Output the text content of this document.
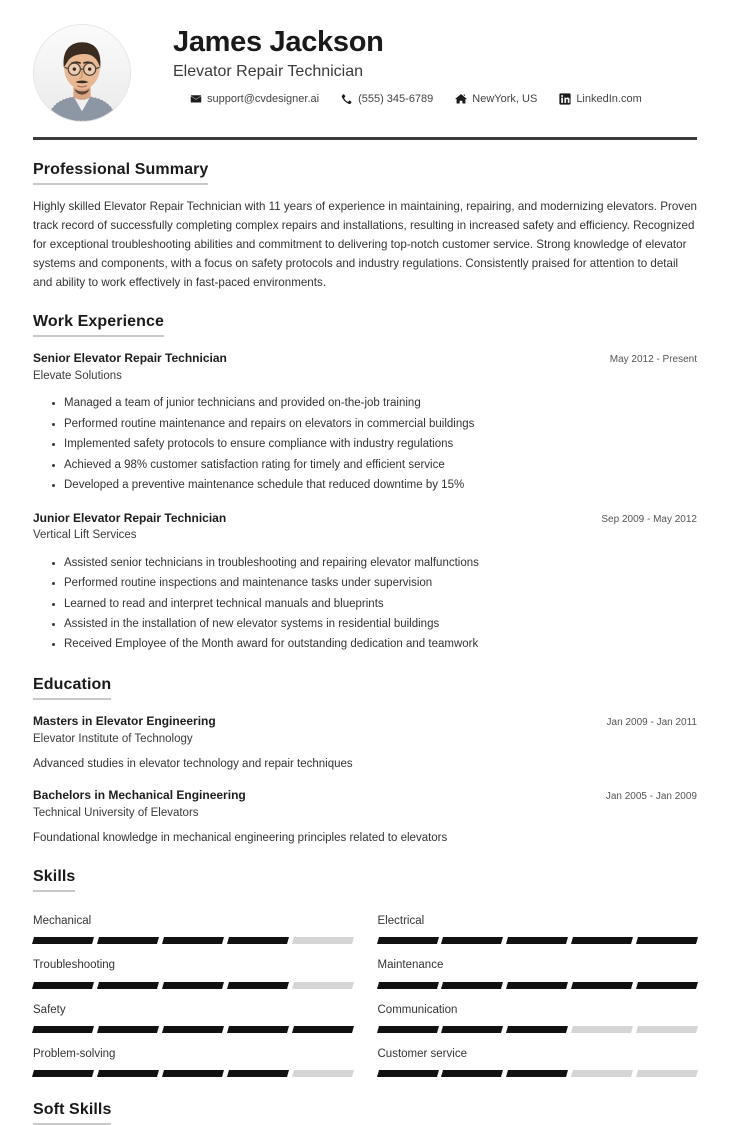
James Jackson
Elevator Repair Technician
support@cvdesigner.ai	(555) 345-6789	NewYork, US	LinkedIn.com
Professional Summary

Highly skilled Elevator Repair Technician with 11 years of experience in maintaining, repairing, and modernizing elevators. Proven track record of successfully completing complex repairs and installations, resulting in increased safety and efficiency. Recognized for exceptional troubleshooting abilities and commitment to delivering top-notch customer service. Strong knowledge of elevator systems and components, with a focus on safety protocols and industry regulations. Consistently praised for attention to detail and ability to work effectively in fast-paced environments.

Work Experience
Senior Elevator Repair Technician	May 2012 - Present
Elevate Solutions
Managed a team of junior technicians and provided on-the-job training
Performed routine maintenance and repairs on elevators in commercial buildings
Implemented safety protocols to ensure compliance with industry regulations
Achieved a 98% customer satisfaction rating for timely and efficient service
Developed a preventive maintenance schedule that reduced downtime by 15%
Junior Elevator Repair Technician	Sep 2009 - May 2012
Vertical Lift Services
Assisted senior technicians in troubleshooting and repairing elevator malfunctions
Performed routine inspections and maintenance tasks under supervision
Learned to read and interpret technical manuals and blueprints
Assisted in the installation of new elevator systems in residential buildings
Received Employee of the Month award for outstanding dedication and teamwork
Education
Masters in Elevator Engineering	Jan 2009 - Jan 2011
Elevator Institute of Technology
Advanced studies in elevator technology and repair techniques
Bachelors in Mechanical Engineering	Jan 2005 - Jan 2009
Technical University of Elevators
Foundational knowledge in mechanical engineering principles related to elevators
Skills
Mechanical	Electrical
Troubleshooting	Maintenance
Safety	Communication
Problem-solving	Customer service
Soft Skills
